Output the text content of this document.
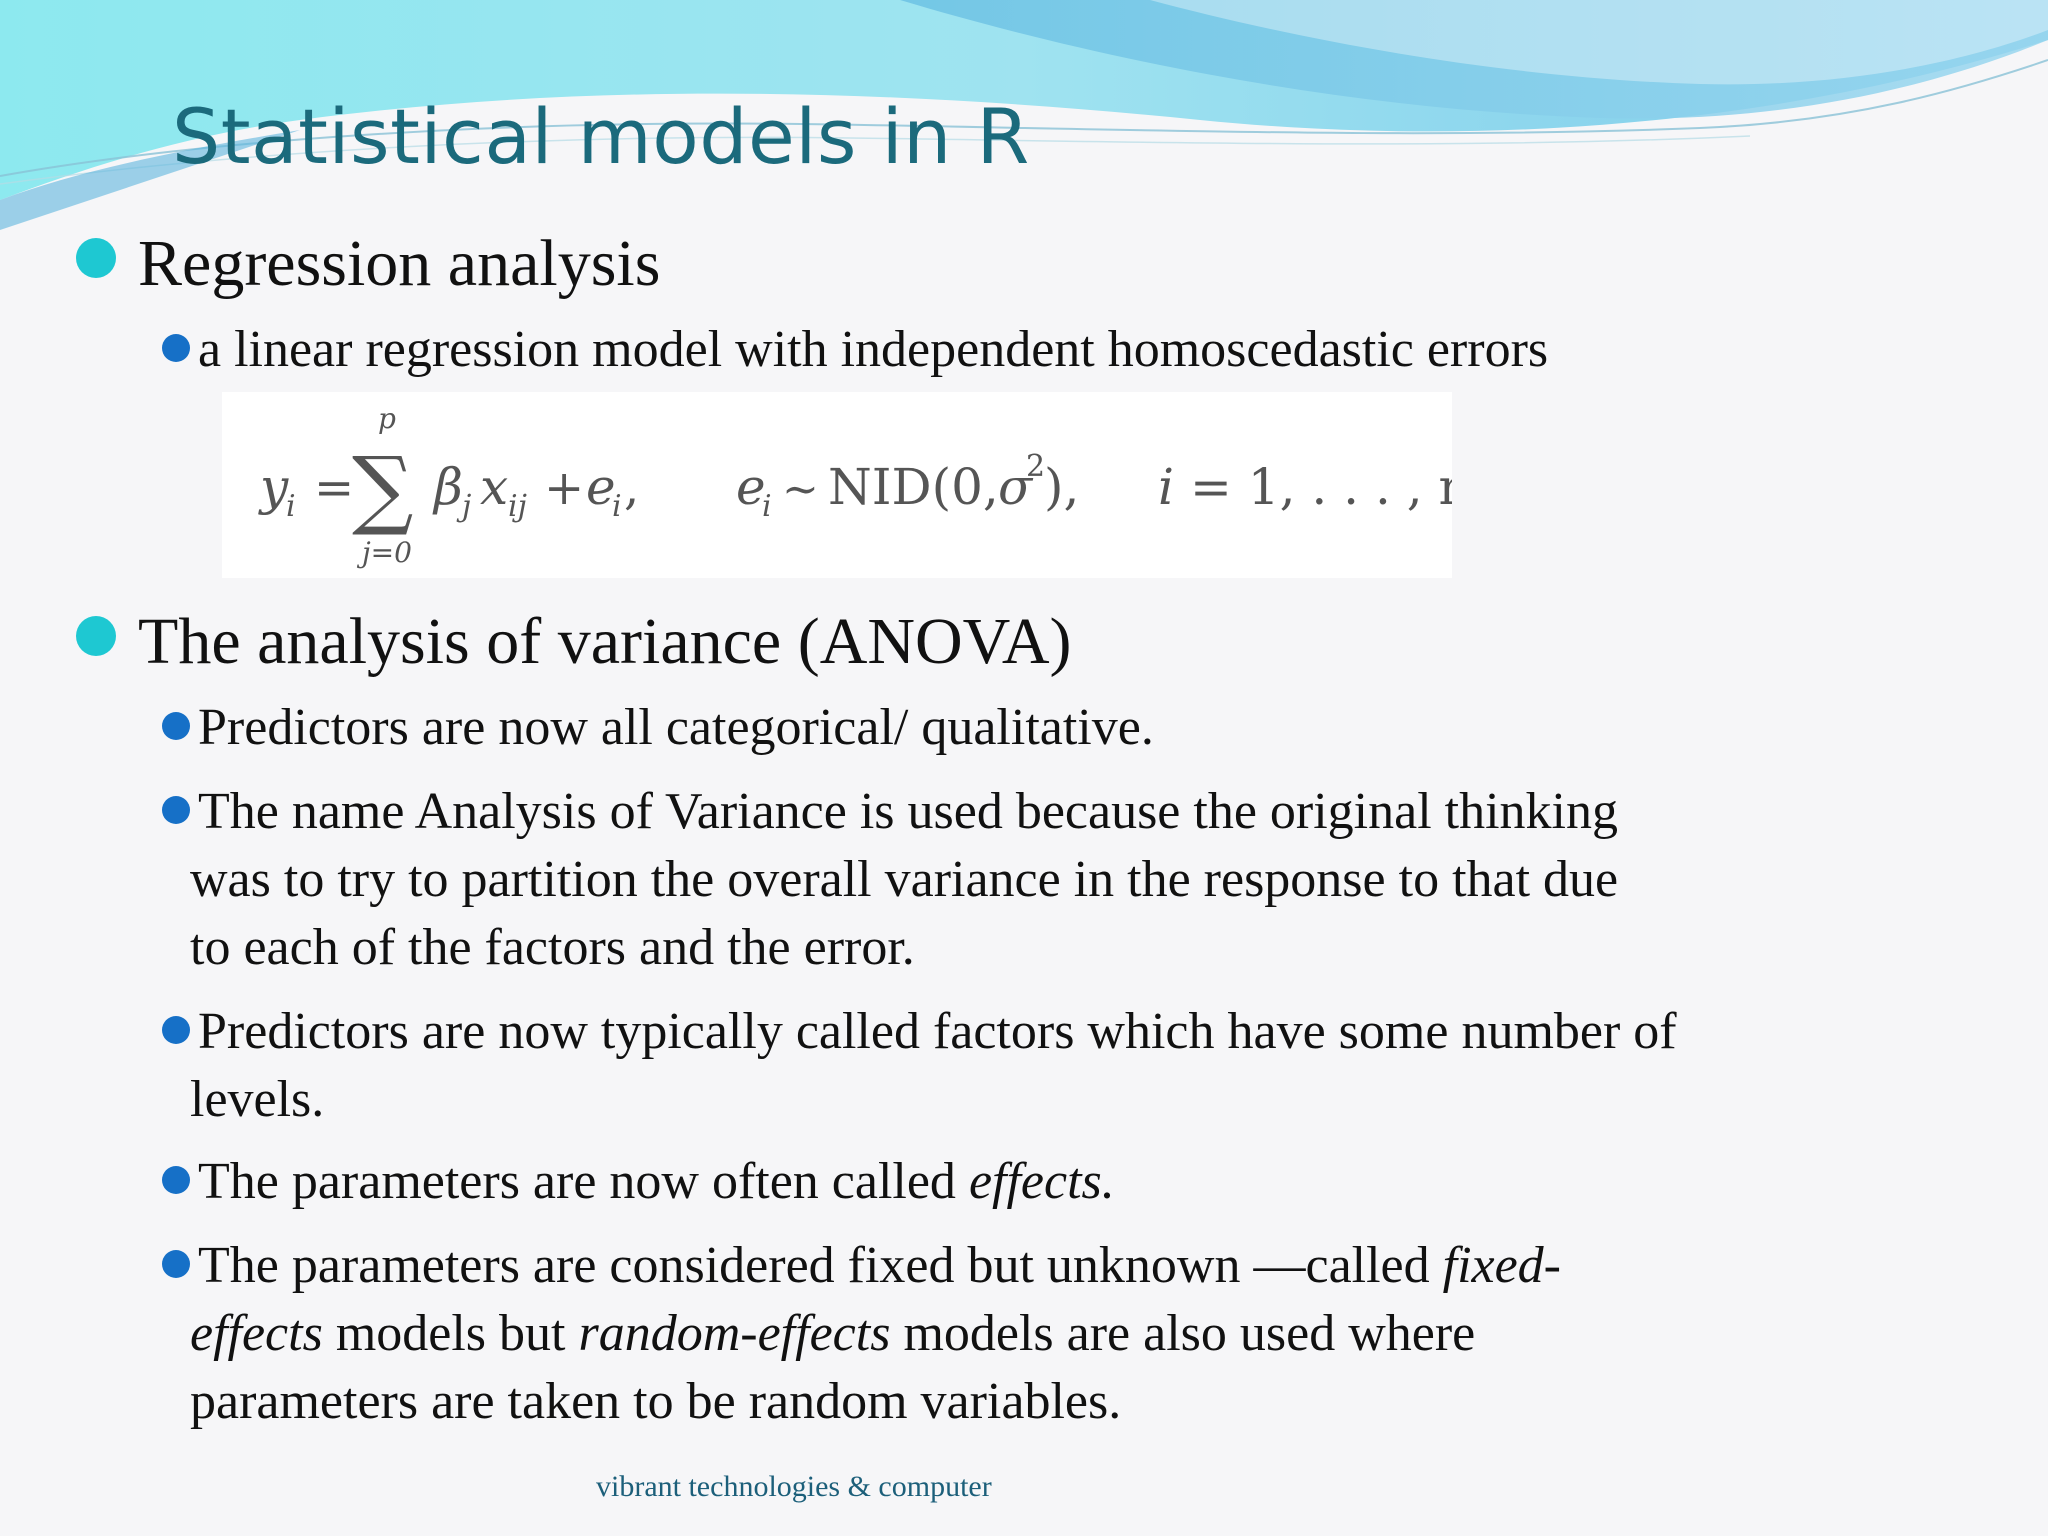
Statistical models in R
Regression analysis
a linear regression model with independent homoscedastic errors
y
i =
p
∑
j=0
β j x ij + e
i , e
i ~ NID(0, σ
2
), i = 1, . . . , n
The analysis of variance (ANOVA)
Predictors are now all categorical/ qualitative.
The name Analysis of Variance is used because the original thinking
was to try to partition the overall variance in the response to that due
to each of the factors and the error.
Predictors are now typically called factors which have some number of
levels.
The parameters are now often called effects.
The parameters are considered fixed but unknown —called fixed-
effects models but random-effects models are also used where
parameters are taken to be random variables.
vibrant technologies & computer
